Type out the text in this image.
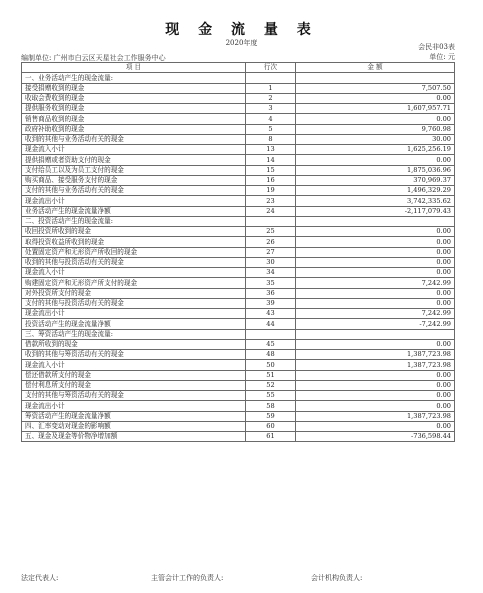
现 金 流 量 表
2020年度	会民非03表
编制单位: 广州市白云区天星社会工作服务中心	单位: 元
项 目	行次	金 额
一、业务活动产生的现金流量:		
接受捐赠收到的现金	1	7,507.50
收取会费收到的现金	2	0.00
提供服务收到的现金	3	1,607,957.71
销售商品收到的现金	4	0.00
政府补助收到的现金	5	9,760.98
收到的其他与业务活动有关的现金	8	30.00
现金流入小计	13	1,625,256.19
提供捐赠或者资助支付的现金	14	0.00
支付给员工以及为员工支付的现金	15	1,875,036.96
购买商品、接受服务支付的现金	16	370,969.37
支付的其他与业务活动有关的现金	19	1,496,329.29
现金流出小计	23	3,742,335.62
业务活动产生的现金流量净额	24	-2,117,079.43
二、投资活动产生的现金流量:		
收回投资所收到的现金	25	0.00
取得投资收益所收到的现金	26	0.00
处置固定资产和无形资产所收回的现金	27	0.00
收到的其他与投资活动有关的现金	30	0.00
现金流入小计	34	0.00
购建固定资产和无形资产所支付的现金	35	7,242.99
对外投资所支付的现金	36	0.00
支付的其他与投资活动有关的现金	39	0.00
现金流出小计	43	7,242.99
投资活动产生的现金流量净额	44	-7,242.99
三、筹资活动产生的现金流量:		
借款所收到的现金	45	0.00
收到的其他与筹资活动有关的现金	48	1,387,723.98
现金流入小计	50	1,387,723.98
偿还借款所支付的现金	51	0.00
偿付利息所支付的现金	52	0.00
支付的其他与筹资活动有关的现金	55	0.00
现金流出小计	58	0.00
筹资活动产生的现金流量净额	59	1,387,723.98
四、汇率变动对现金的影响额	60	0.00
五、现金及现金等价物净增加额	61	-736,598.44
法定代表人:	主管会计工作的负责人:	会计机构负责人:
